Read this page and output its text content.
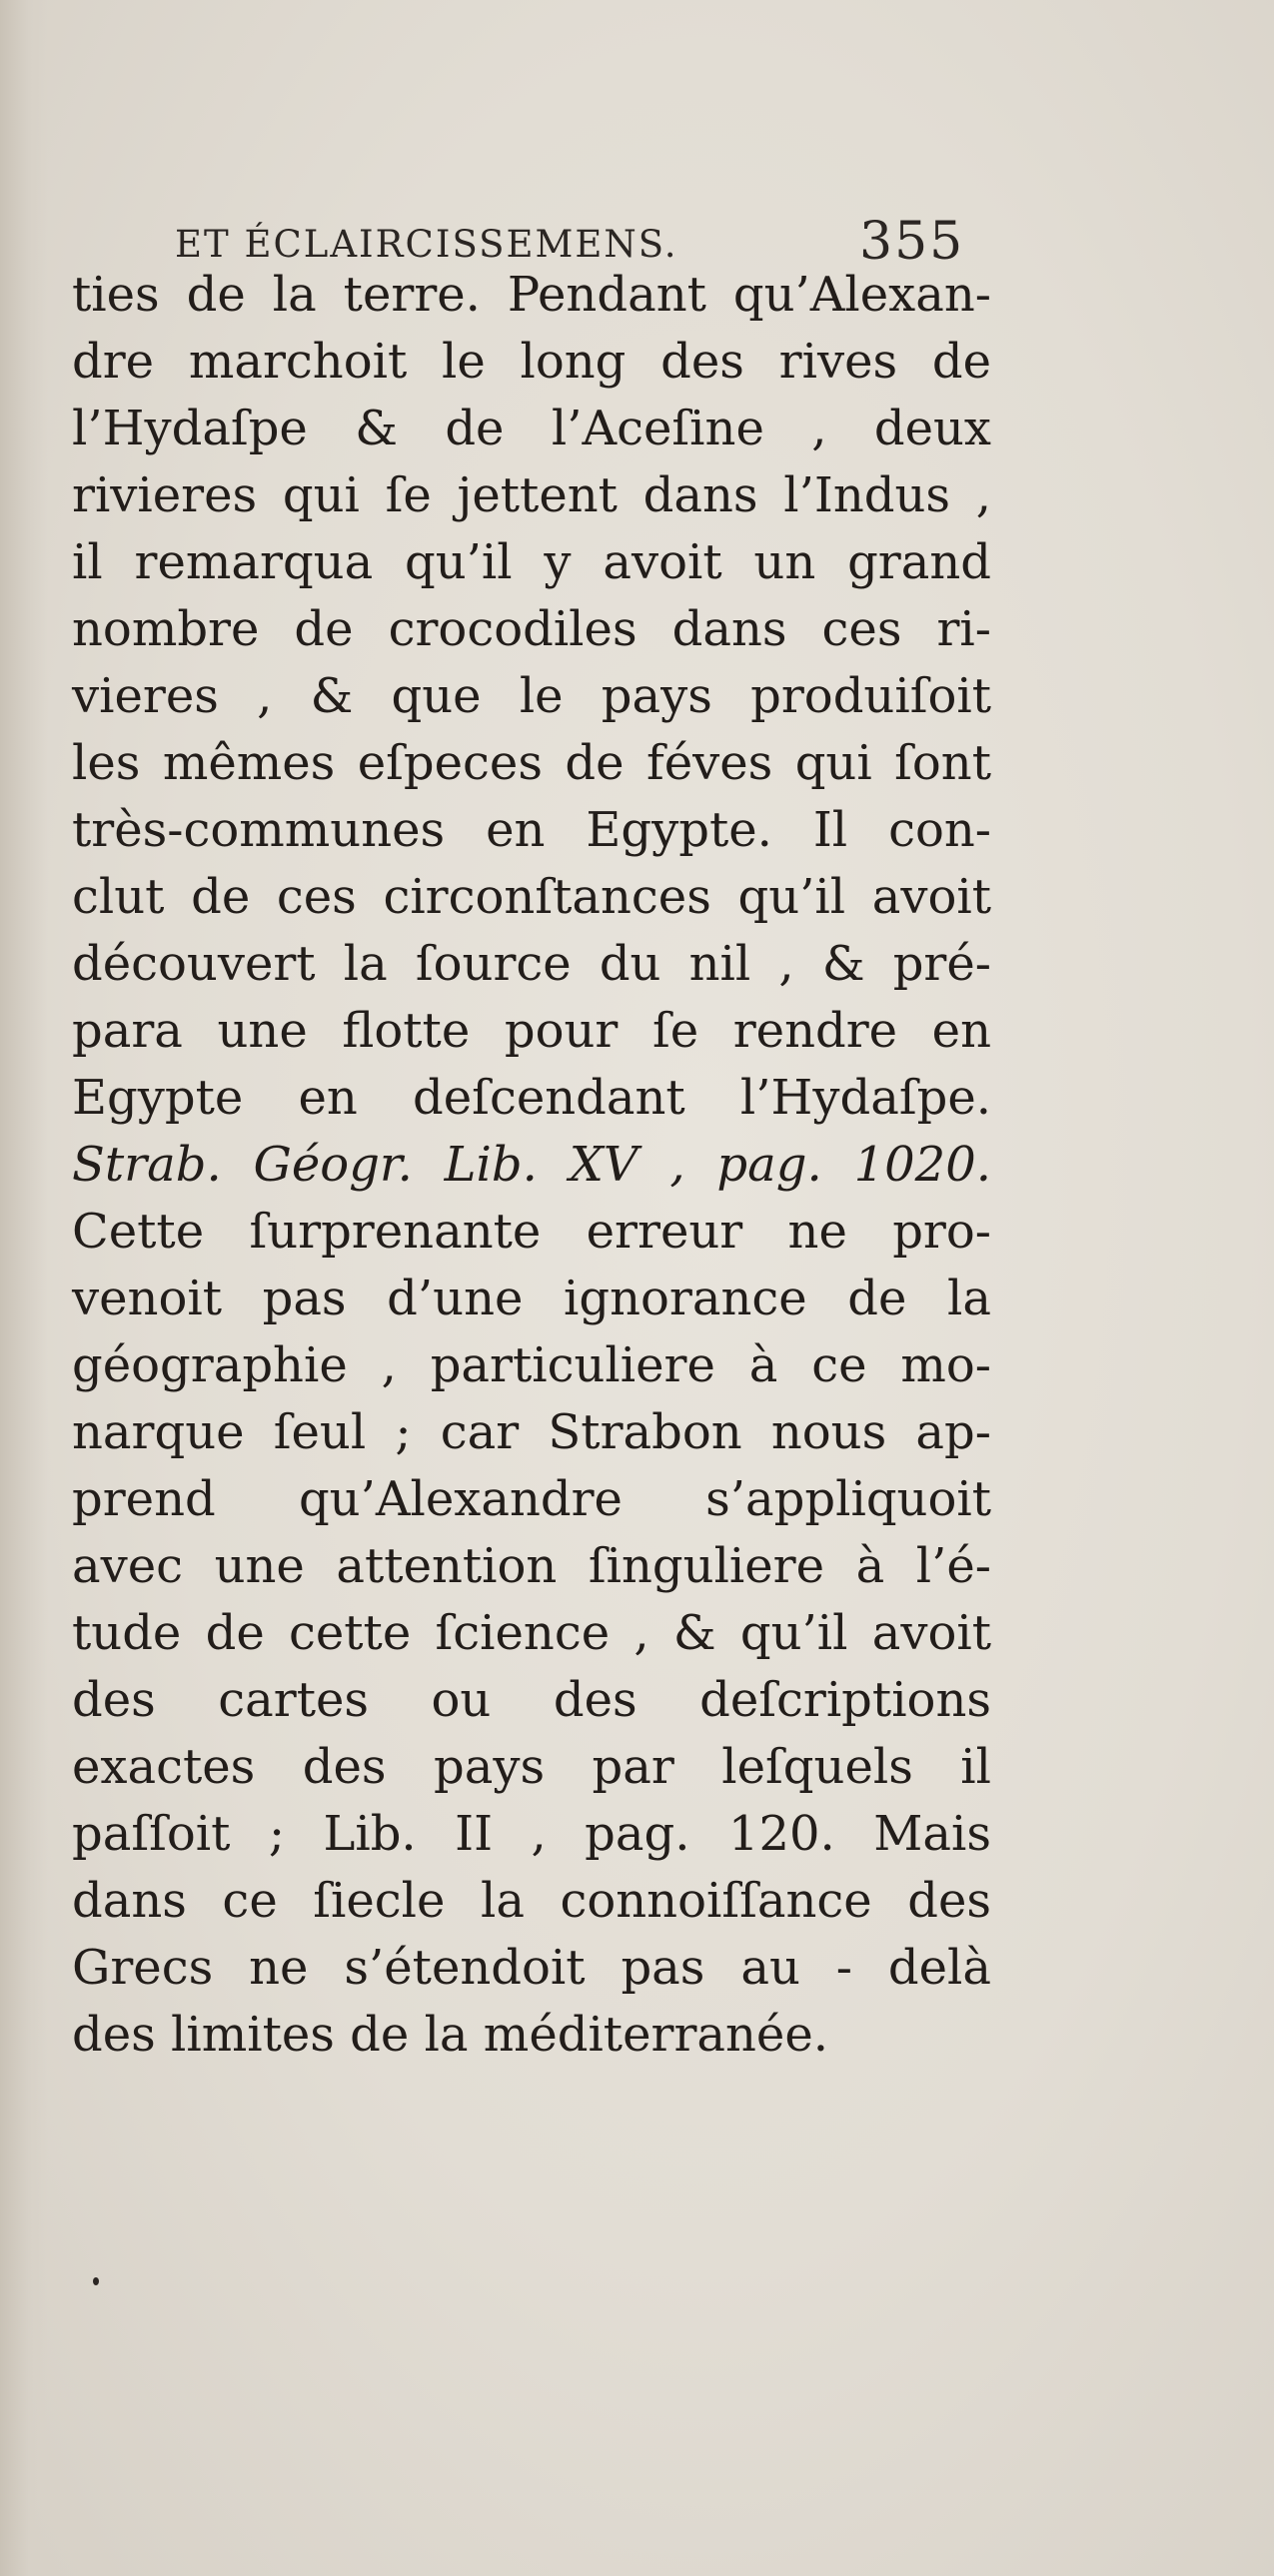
ET ÉCLAIRCISSEMENS.	355
ties de la terre. Pendant qu’Alexan-
dre marchoit le long des rives de
l’Hydaſpe & de l’Aceſine , deux
rivieres qui ſe jettent dans l’Indus ,
il remarqua qu’il y avoit un grand
nombre de crocodiles dans ces ri-
vieres , & que le pays produiſoit
les mêmes eſpeces de féves qui ſont
très-communes en Egypte. Il con-
clut de ces circonſtances qu’il avoit
découvert la ſource du nil , & pré-
para une flotte pour ſe rendre en
Egypte en deſcendant l’Hydaſpe.
Strab. Géogr. Lib. XV , pag. 1020.
Cette ſurprenante erreur ne pro-
venoit pas d’une ignorance de la
géographie , particuliere à ce mo-
narque ſeul ; car Strabon nous ap-
prend qu’Alexandre s’appliquoit
avec une attention ſinguliere à l’é-
tude de cette ſcience , & qu’il avoit
des cartes ou des deſcriptions
exactes des pays par leſquels il
paſſoit ; Lib. II , pag. 120. Mais
dans ce ſiecle la connoiſſance des
Grecs ne s’étendoit pas au - delà
des limites de la méditerranée.
